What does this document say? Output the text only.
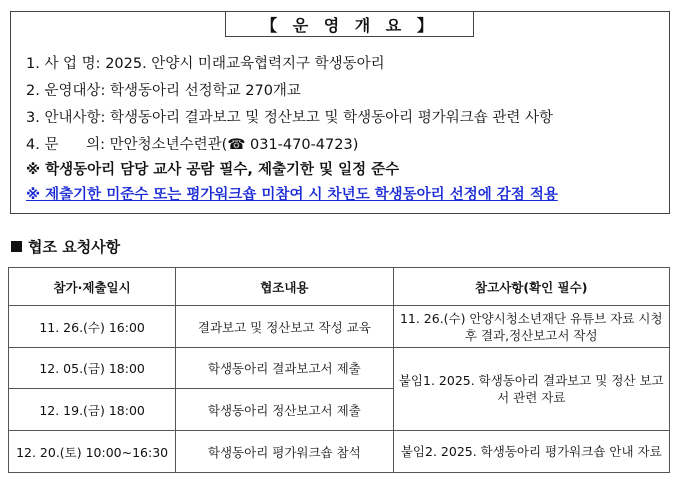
【 운 영 개 요 】
1. 사 업 명: 2025. 안양시 미래교육협력지구 학생동아리
2. 운영대상: 학생동아리 선정학교 270개교
3. 안내사항: 학생동아리 결과보고 및 정산보고 및 학생동아리 평가워크숍 관련 사항
4. 문      의: 만안청소년수련관(☎ 031-470-4723)
※ 학생동아리 담당 교사 공람 필수, 제출기한 및 일정 준수
※ 제출기한 미준수 또는 평가워크숍 미참여 시 차년도 학생동아리 선정에 감점 적용
협조 요청사항
참가·제출일시	협조내용	참고사항(확인 필수)
11. 26.(수) 16:00	결과보고 및 정산보고 작성 교육	11. 26.(수) 안양시청소년재단 유튜브 자료 시청 후 결과,정산보고서 작성
12. 05.(금) 18:00	학생동아리 결과보고서 제출	붙임1. 2025. 학생동아리 결과보고 및 정산 보고서 관련 자료
12. 19.(금) 18:00	학생동아리 정산보고서 제출	
12. 20.(토) 10:00~16:30	학생동아리 평가워크숍 참석	붙임2. 2025. 학생동아리 평가워크숍 안내 자료
